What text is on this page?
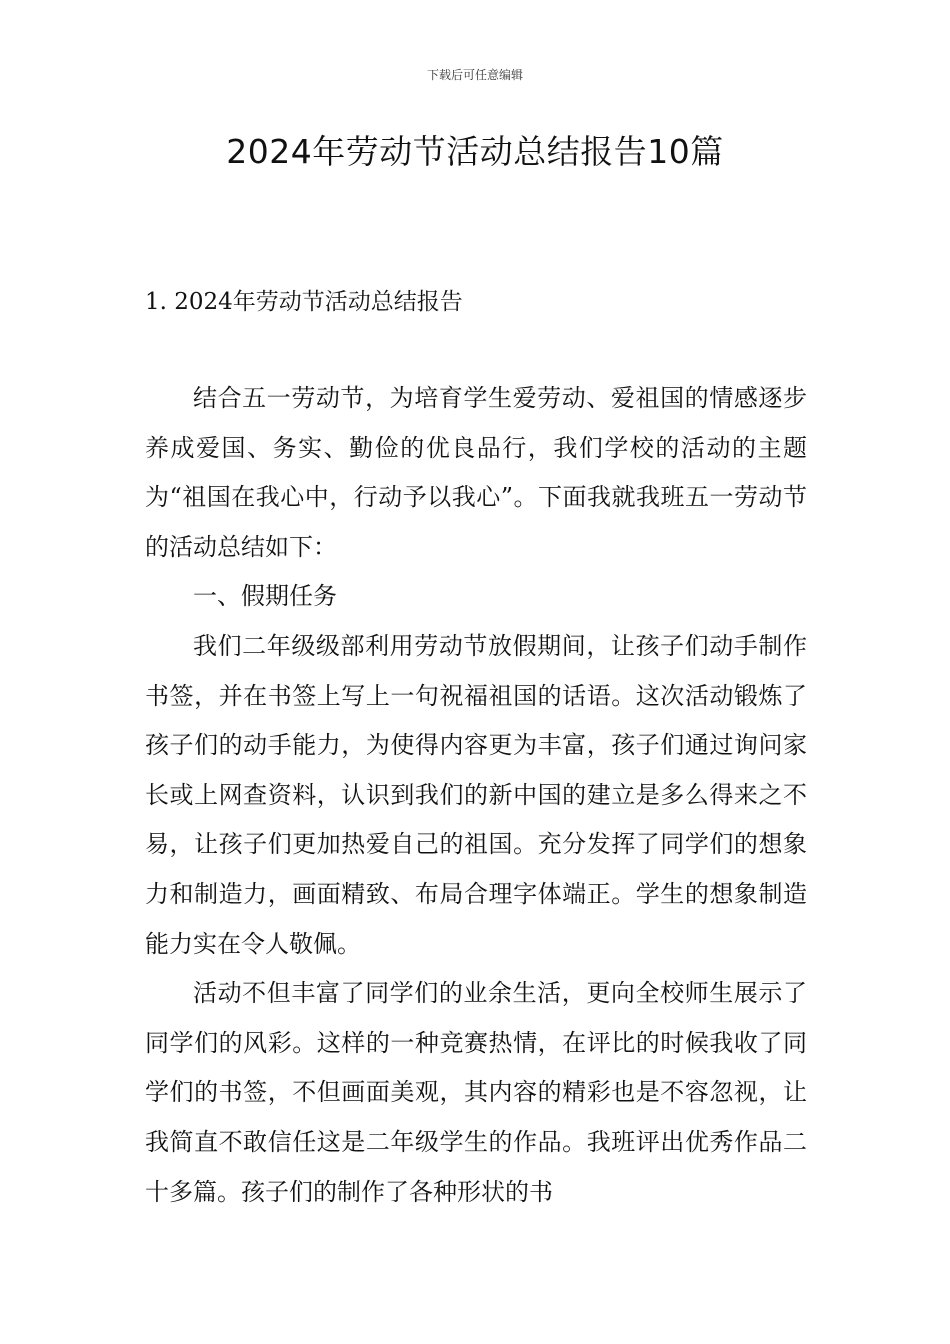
下载后可任意编辑
2024年劳动节活动总结报告10篇
1. 2024年劳动节活动总结报告

结合五一劳动节，为培育学生爱劳动、爱祖国的情感逐步养成爱国、务实、勤俭的优良品行，我们学校的活动的主题为“祖国在我心中，行动予以我心”。下面我就我班五一劳动节的活动总结如下：

一、假期任务

我们二年级级部利用劳动节放假期间，让孩子们动手制作书签，并在书签上写上一句祝福祖国的话语。这次活动锻炼了孩子们的动手能力，为使得内容更为丰富，孩子们通过询问家长或上网查资料，认识到我们的新中国的建立是多么得来之不易，让孩子们更加热爱自己的祖国。充分发挥了同学们的想象力和制造力，画面精致、布局合理字体端正。学生的想象制造能力实在令人敬佩。

活动不但丰富了同学们的业余生活，更向全校师生展示了同学们的风彩。这样的一种竞赛热情，在评比的时候我收了同学们的书签，不但画面美观，其内容的精彩也是不容忽视，让我简直不敢信任这是二年级学生的作品。我班评出优秀作品二十多篇。孩子们的制作了各种形状的书
